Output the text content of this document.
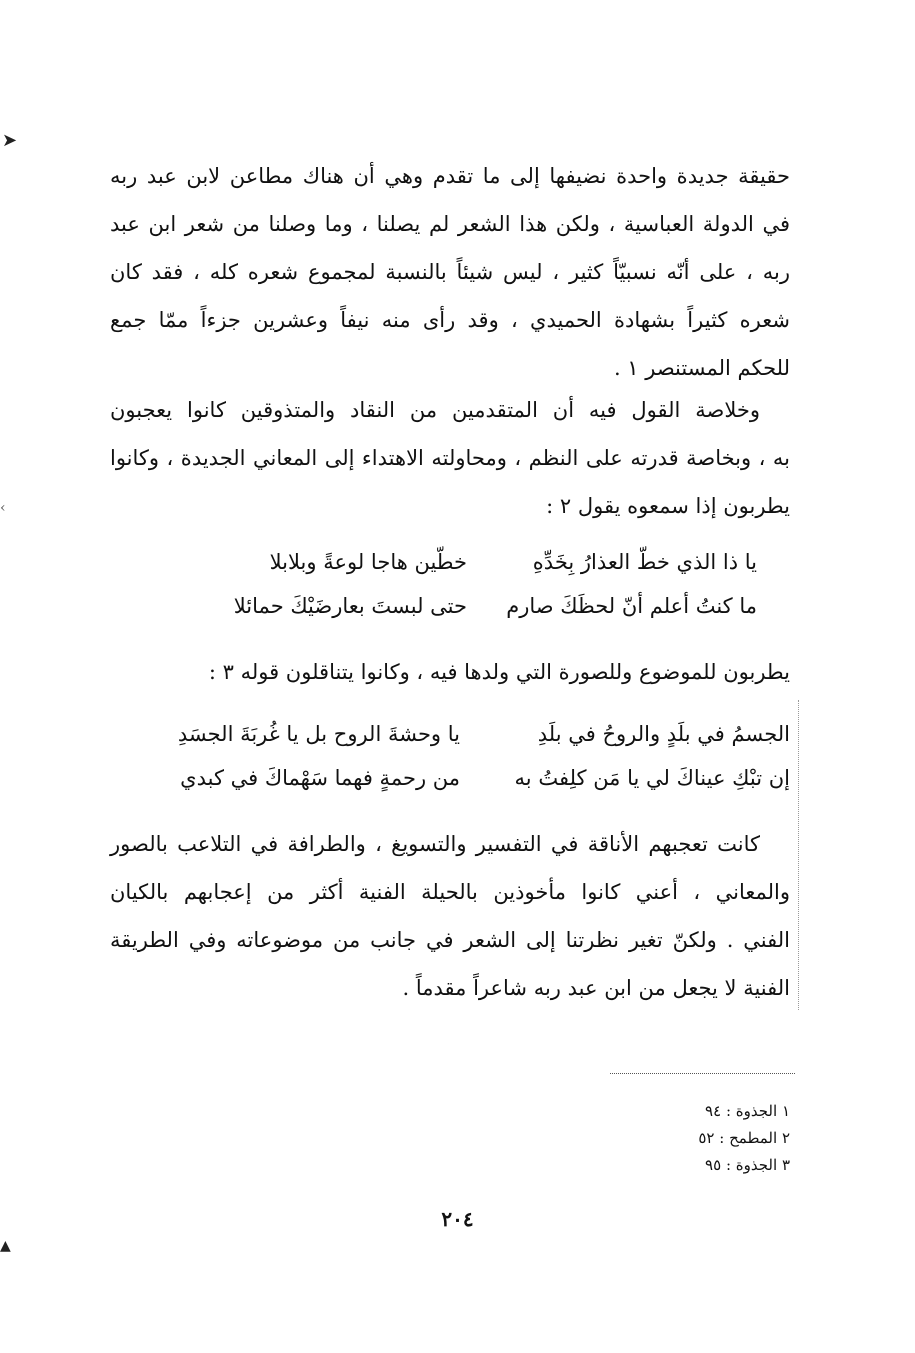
➤
‹
▲
حقيقة جديدة واحدة نضيفها إلى ما تقدم وهي أن هناك مطاعن لابن عبد ربه
في الدولة العباسية ، ولكن هذا الشعر لم يصلنا ، وما وصلنا من شعر ابن عبد
ربه ، على أنّه نسبيّاً كثير ، ليس شيئاً بالنسبة لمجموع شعره كله ، فقد كان
شعره كثيراً بشهادة الحميدي ، وقد رأى منه نيفاً وعشرين جزءاً ممّا جمع
للحكم المستنصر ١ .
وخلاصة القول فيه أن المتقدمين من النقاد والمتذوقين كانوا يعجبون
به ، وبخاصة قدرته على النظم ، ومحاولته الاهتداء إلى المعاني الجديدة ، وكانوا
يطربون إذا سمعوه يقول ٢ :
يا ذا الذي خطّ العذارُ بِخَدِّهِ
خطّين هاجا لوعةً وبلابلا
ما كنتُ أعلم أنّ لحظَكَ صارم
حتى لبستَ بعارضَيْكَ حمائلا
يطربون للموضوع وللصورة التي ولدها فيه ، وكانوا يتناقلون قوله ٣ :
الجسمُ في بلَدٍ والروحُ في بلَدِ
يا وحشةَ الروح بل يا غُربَةَ الجسَدِ
إن تبْكِ عيناكَ لي يا مَن كلِفتُ به
من رحمةٍ فهما سَهْماكَ في كبدي
كانت تعجبهم الأناقة في التفسير والتسويغ ، والطرافة في التلاعب بالصور
والمعاني ، أعني كانوا مأخوذين بالحيلة الفنية أكثر من إعجابهم بالكيان
الفني . ولكنّ تغير نظرتنا إلى الشعر في جانب من موضوعاته وفي الطريقة
الفنية لا يجعل من ابن عبد ربه شاعراً مقدماً .
١ الجذوة : ٩٤
٢ المطمح : ٥٢
٣ الجذوة : ٩٥
٢٠٤
